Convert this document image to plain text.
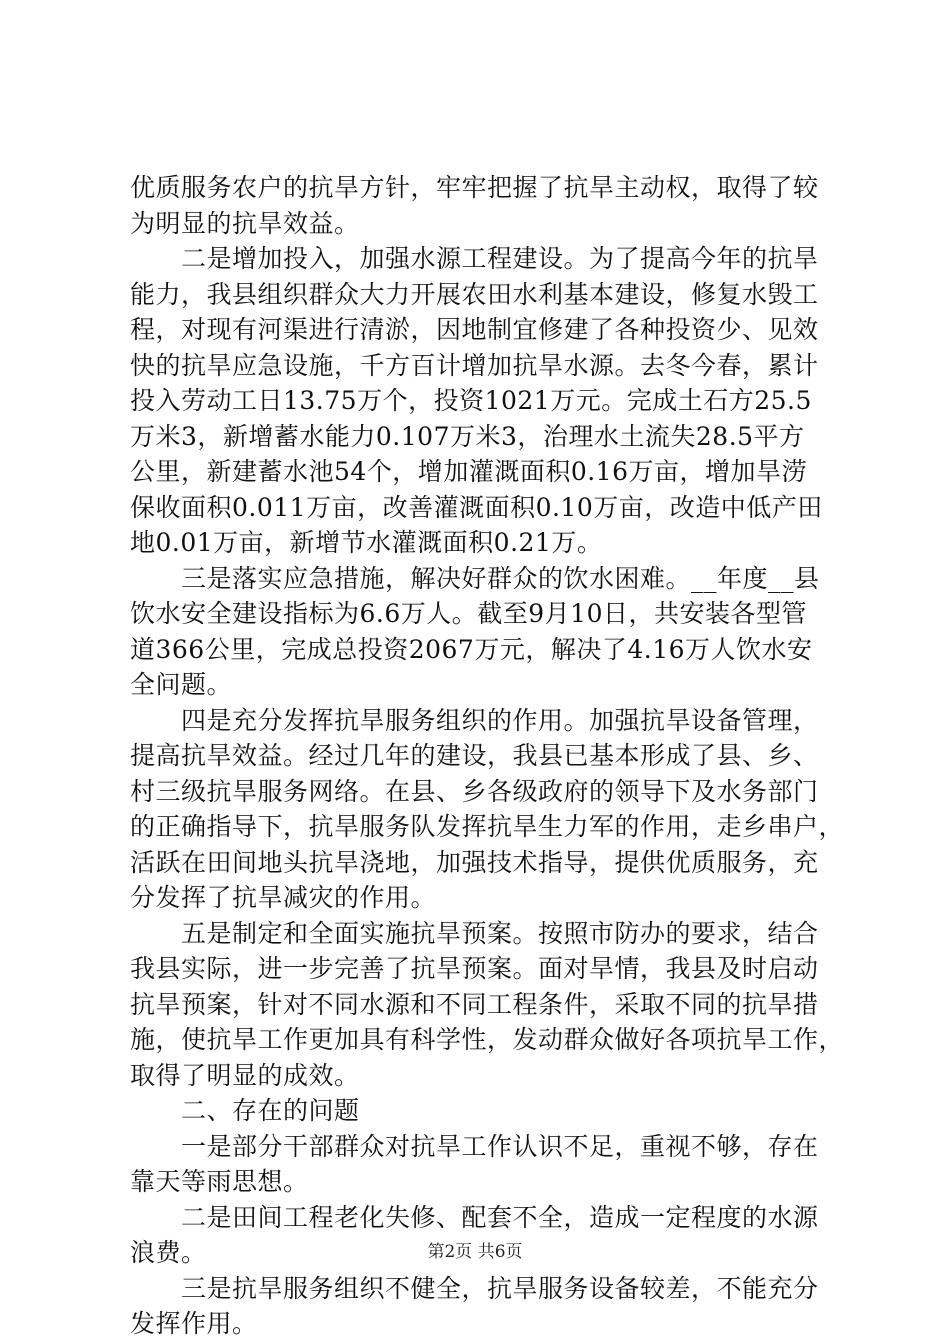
优质服务农户的抗旱方针，牢牢把握了抗旱主动权，取得了较
为明显的抗旱效益。
　　二是增加投入，加强水源工程建设。为了提高今年的抗旱
能力，我县组织群众大力开展农田水利基本建设，修复水毁工
程，对现有河渠进行清淤，因地制宜修建了各种投资少、见效
快的抗旱应急设施，千方百计增加抗旱水源。去冬今春，累计
投入劳动工日13.75万个，投资1021万元。完成土石方25.5
万米3，新增蓄水能力0.107万米3，治理水土流失28.5平方
公里，新建蓄水池54个，增加灌溉面积0.16万亩，增加旱涝
保收面积0.011万亩，改善灌溉面积0.10万亩，改造中低产田
地0.01万亩，新增节水灌溉面积0.21万。
　　三是落实应急措施，解决好群众的饮水困难。__年度__县
饮水安全建设指标为6.6万人。截至9月10日，共安装各型管
道366公里，完成总投资2067万元，解决了4.16万人饮水安
全问题。
　　四是充分发挥抗旱服务组织的作用。加强抗旱设备管理，
提高抗旱效益。经过几年的建设，我县已基本形成了县、乡、
村三级抗旱服务网络。在县、乡各级政府的领导下及水务部门
的正确指导下，抗旱服务队发挥抗旱生力军的作用，走乡串户，
活跃在田间地头抗旱浇地，加强技术指导，提供优质服务，充
分发挥了抗旱减灾的作用。
　　五是制定和全面实施抗旱预案。按照市防办的要求，结合
我县实际，进一步完善了抗旱预案。面对旱情，我县及时启动
抗旱预案，针对不同水源和不同工程条件，采取不同的抗旱措
施，使抗旱工作更加具有科学性，发动群众做好各项抗旱工作，
取得了明显的成效。
　　二、存在的问题
　　一是部分干部群众对抗旱工作认识不足，重视不够，存在
靠天等雨思想。
　　二是田间工程老化失修、配套不全，造成一定程度的水源
浪费。
　　三是抗旱服务组织不健全，抗旱服务设备较差，不能充分
发挥作用。
第2页 共6页
